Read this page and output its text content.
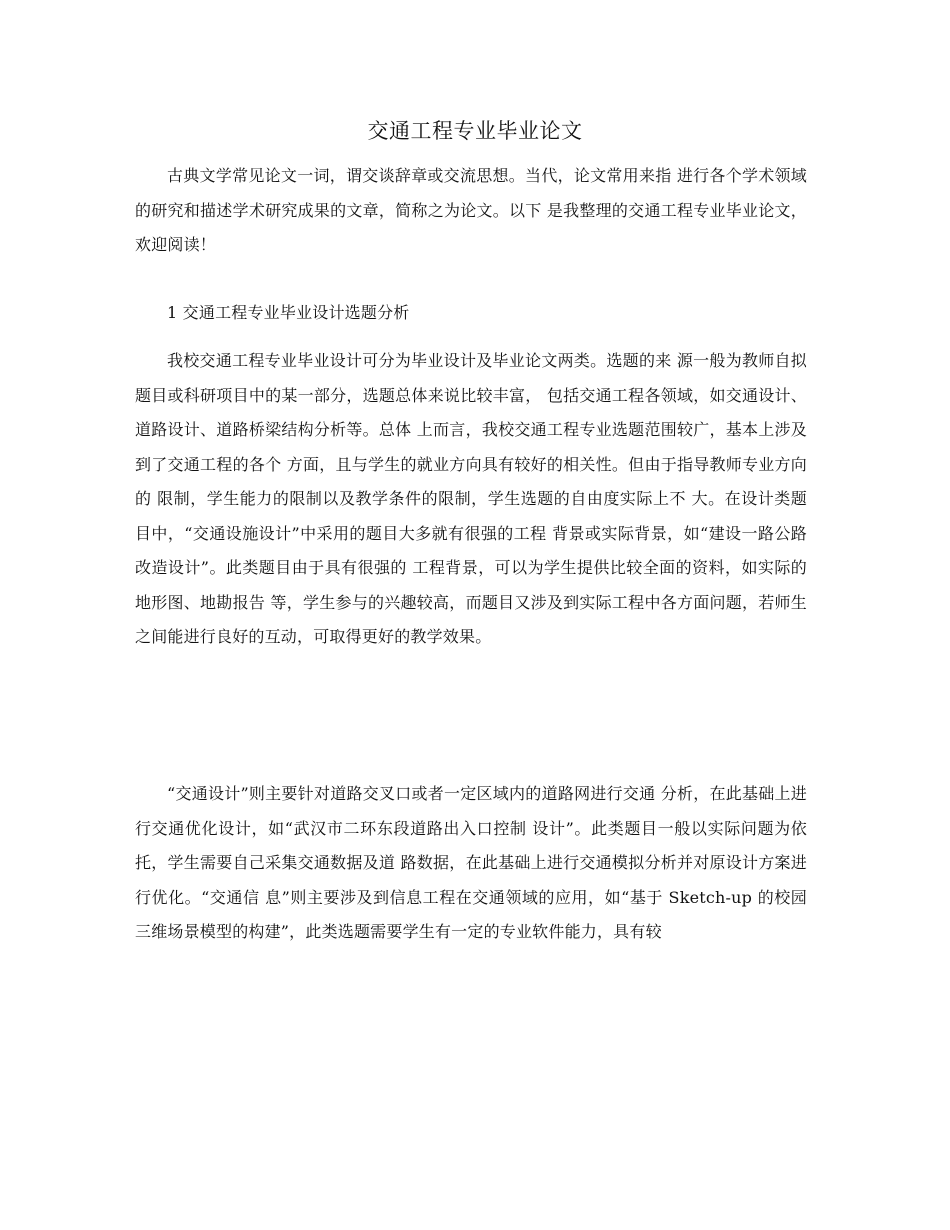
交通工程专业毕业论文

古典文学常见论文一词，谓交谈辞章或交流思想。当代，论文常用来指 进行各个学术领域的研究和描述学术研究成果的文章，简称之为论文。以下 是我整理的交通工程专业毕业论文，欢迎阅读！

1 交通工程专业毕业设计选题分析

我校交通工程专业毕业设计可分为毕业设计及毕业论文两类。选题的来 源一般为教师自拟题目或科研项目中的某一部分，选题总体来说比较丰富， 包括交通工程各领域，如交通设计、道路设计、道路桥梁结构分析等。总体 上而言，我校交通工程专业选题范围较广，基本上涉及到了交通工程的各个 方面，且与学生的就业方向具有较好的相关性。但由于指导教师专业方向的 限制，学生能力的限制以及教学条件的限制，学生选题的自由度实际上不 大。在设计类题目中，“交通设施设计”中采用的题目大多就有很强的工程 背景或实际背景，如“建设一路公路改造设计”。此类题目由于具有很强的 工程背景，可以为学生提供比较全面的资料，如实际的地形图、地勘报告 等，学生参与的兴趣较高，而题目又涉及到实际工程中各方面问题，若师生 之间能进行良好的互动，可取得更好的教学效果。

“交通设计”则主要针对道路交叉口或者一定区域内的道路网进行交通 分析，在此基础上进行交通优化设计，如“武汉市二环东段道路出入口控制 设计”。此类题目一般以实际问题为依托，学生需要自己采集交通数据及道 路数据，在此基础上进行交通模拟分析并对原设计方案进行优化。“交通信 息”则主要涉及到信息工程在交通领域的应用，如“基于 Sketch-up 的校园 三维场景模型的构建”，此类选题需要学生有一定的专业软件能力，具有较
